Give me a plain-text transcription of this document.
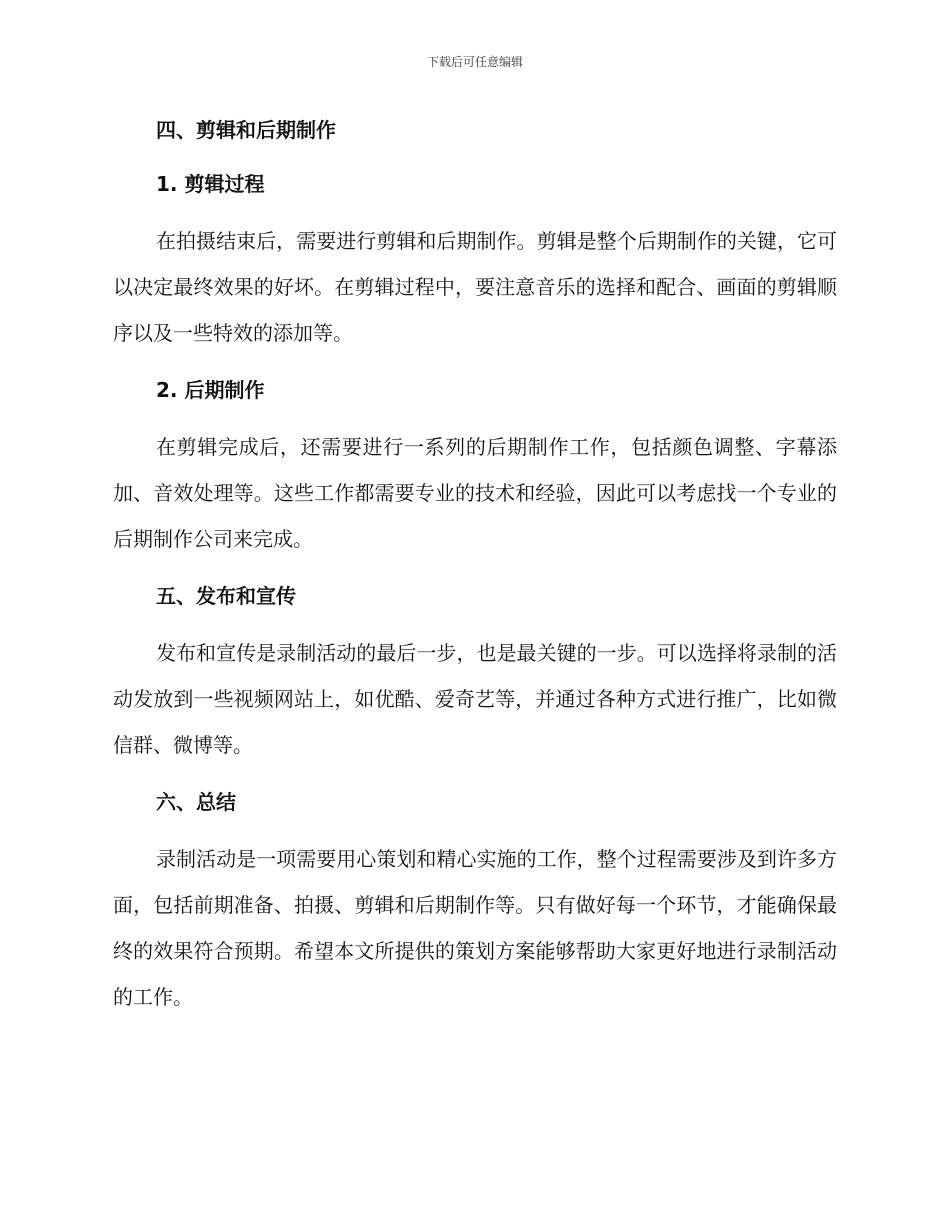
下载后可任意编辑

四、剪辑和后期制作

1. 剪辑过程

在拍摄结束后，需要进行剪辑和后期制作。剪辑是整个后期制作的关键，它可以决定最终效果的好坏。在剪辑过程中，要注意音乐的选择和配合、画面的剪辑顺序以及一些特效的添加等。

2. 后期制作

在剪辑完成后，还需要进行一系列的后期制作工作，包括颜色调整、字幕添加、音效处理等。这些工作都需要专业的技术和经验，因此可以考虑找一个专业的后期制作公司来完成。

五、发布和宣传

发布和宣传是录制活动的最后一步，也是最关键的一步。可以选择将录制的活动发放到一些视频网站上，如优酷、爱奇艺等，并通过各种方式进行推广，比如微信群、微博等。

六、总结

录制活动是一项需要用心策划和精心实施的工作，整个过程需要涉及到许多方面，包括前期准备、拍摄、剪辑和后期制作等。只有做好每一个环节，才能确保最终的效果符合预期。希望本文所提供的策划方案能够帮助大家更好地进行录制活动的工作。
